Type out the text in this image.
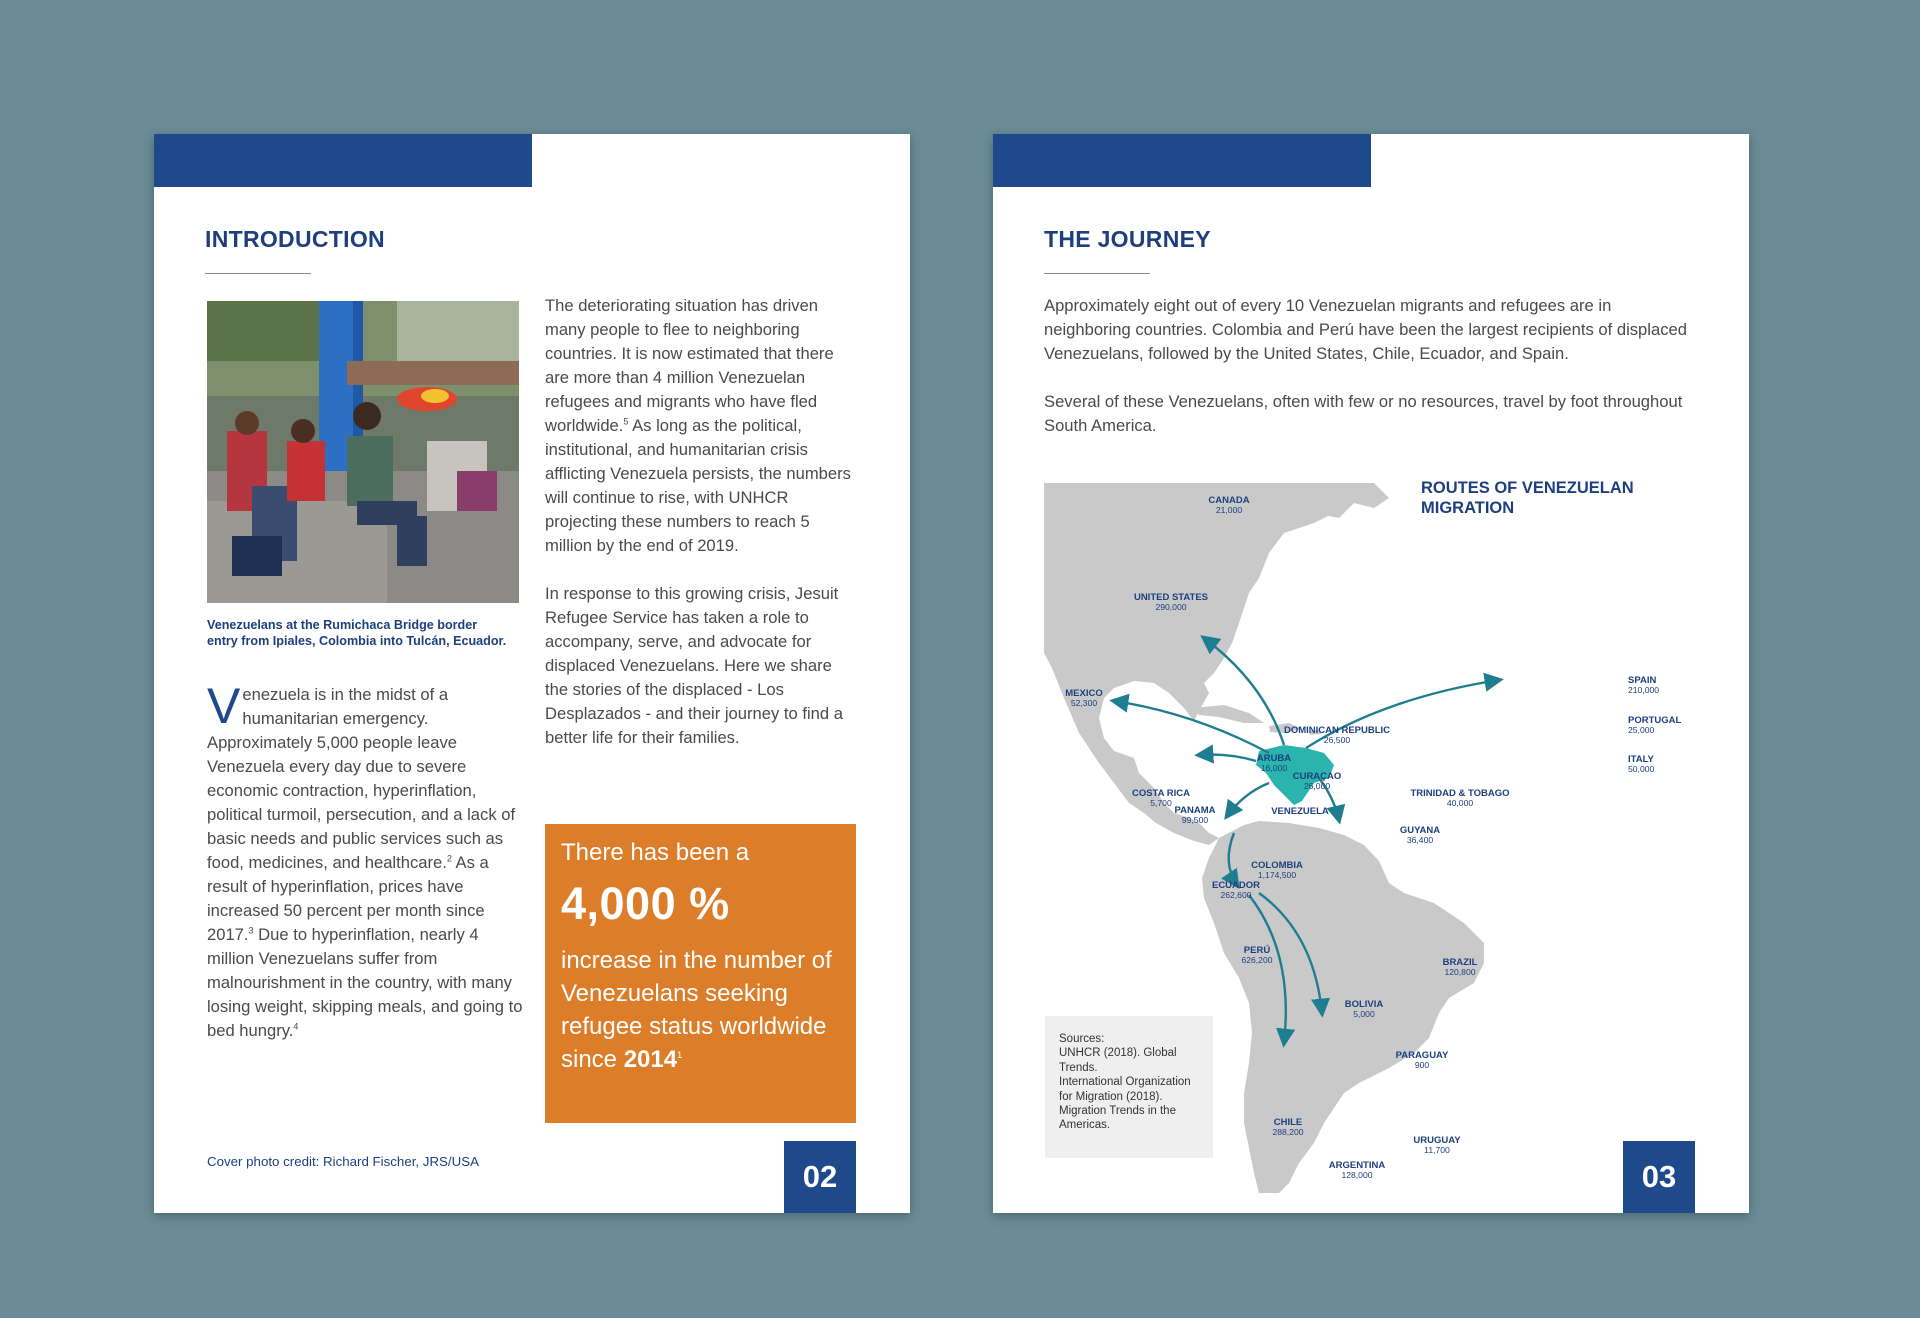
INTRODUCTION

Venezuelans at the Rumichaca Bridge border entry from Ipiales, Colombia into Tulcán, Ecuador.

V enezuela is in the midst of a humanitarian emergency. Approximately 5,000 people leave Venezuela every day due to severe economic contraction, hyperinflation, political turmoil, persecution, and a lack of basic needs and public services such as food, medicines, and healthcare.$^2$ As a result of hyperinflation, prices have increased 50 percent per month since 2017.$^3$ Due to hyperinflation, nearly 4 million Venezuelans suffer from malnourishment in the country, with many losing weight, skipping meals, and going to bed hungry.$^4$

The deteriorating situation has driven many people to flee to neighboring countries. It is now estimated that there are more than 4 million Venezuelan refugees and migrants who have fled worldwide.$^5$ As long as the political, institutional, and humanitarian crisis afflicting Venezuela persists, the numbers will continue to rise, with UNHCR projecting these numbers to reach 5 million by the end of 2019.

In response to this growing crisis, Jesuit Refugee Service has taken a role to accompany, serve, and advocate for displaced Venezuelans. Here we share the stories of the displaced - Los Desplazados - and their journey to find a better life for their families.

There has been a

4,000 %

increase in the number of Venezuelans seeking refugee status worldwide since 2014$^1$

Cover photo credit: Richard Fischer, JRS/USA	02
THE JOURNEY

Approximately eight out of every 10 Venezuelan migrants and refugees are in neighboring countries. Colombia and Perú have been the largest recipients of displaced Venezuelans, followed by the United States, Chile, Ecuador, and Spain.

Several of these Venezuelans, often with few or no resources, travel by foot throughout South America.

CANADA
21,000
UNITED STATES
290,000
MEXICO
52,300
DOMINICAN REPUBLIC
26,500
ARUBA
16,000
CURAÇAO
26,000
COSTA RICA
5,700
PANAMA
99,500
TRINIDAD & TOBAGO
40,000
VENEZUELA
GUYANA
36,400
COLOMBIA
1,174,500
ECUADOR
262,600
PERÚ
626,200	BRAZIL
120,800
BOLIVIA
5,000
PARAGUAY
900
CHILE
288,200
URUGUAY
11,700
ARGENTINA
128,000
SPAIN
210,000
PORTUGAL
25,000
ITALY
50,000

ROUTES OF VENEZUELAN MIGRATION

Sources:

UNHCR (2018). Global Trends.

International Organization for Migration (2018). Migration Trends in the Americas.

03
